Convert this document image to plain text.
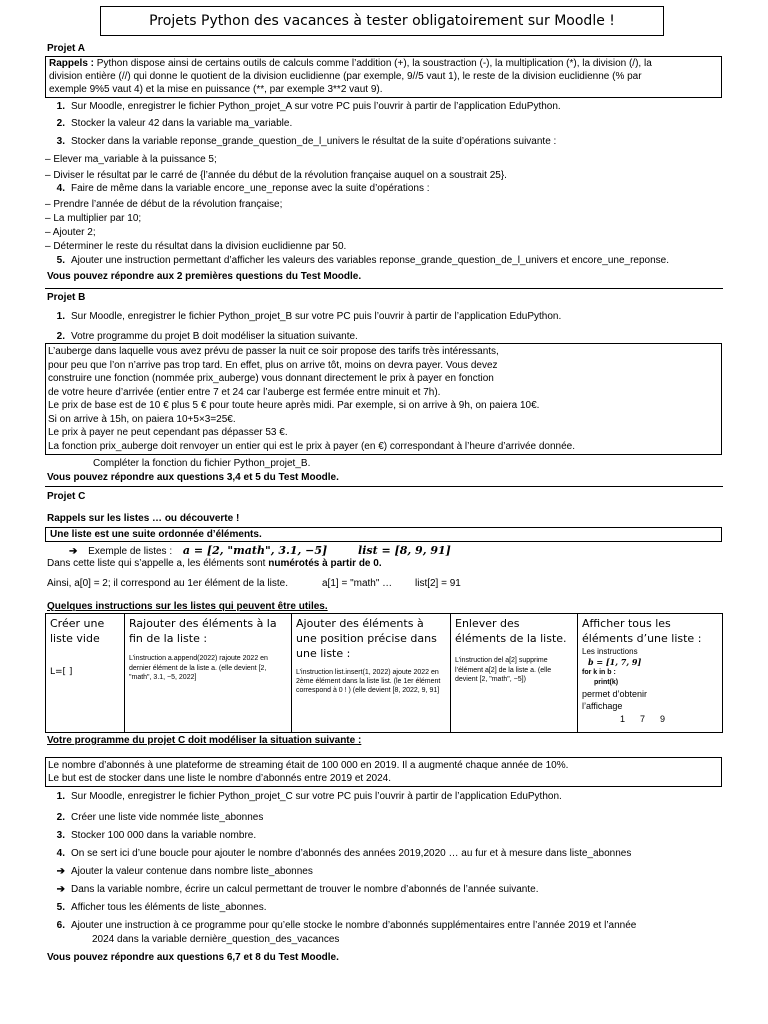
Projets Python des vacances à tester obligatoirement sur Moodle !
Projet A
Rappels : Python dispose ainsi de certains outils de calculs comme l’addition (+), la soustraction (-), la multiplication (*), la division (/), la
division entière (//) qui donne le quotient de la division euclidienne (par exemple, 9//5 vaut 1), le reste de la division euclidienne (% par
exemple 9%5 vaut 4) et la mise en puissance (**, par exemple 3**2 vaut 9).
1. Sur Moodle, enregistrer le fichier Python_projet_A sur votre PC puis l’ouvrir à partir de l’application EduPython.
2. Stocker la valeur 42 dans la variable ma_variable.
3. Stocker dans la variable reponse_grande_question_de_l_univers le résultat de la suite d’opérations suivante :
– Elever ma_variable à la puissance 5;
– Diviser le résultat par le carré de {l’année du début de la révolution française auquel on a soustrait 25}.
4. Faire de même dans la variable encore_une_reponse avec la suite d’opérations :
– Prendre l’année de début de la révolution française;
– La multiplier par 10;
– Ajouter 2;
– Déterminer le reste du résultat dans la division euclidienne par 50.
5. Ajouter une instruction permettant d’afficher les valeurs des variables reponse_grande_question_de_l_univers et encore_une_reponse.
Vous pouvez répondre aux 2 premières questions du Test Moodle.
Projet B
1. Sur Moodle, enregistrer le fichier Python_projet_B sur votre PC puis l’ouvrir à partir de l’application EduPython.
2. Votre programme du projet B doit modéliser la situation suivante.
L’auberge dans laquelle vous avez prévu de passer la nuit ce soir propose des tarifs très intéressants,
pour peu que l’on n’arrive pas trop tard. En effet, plus on arrive tôt, moins on devra payer. Vous devez
construire une fonction (nommée prix_auberge) vous donnant directement le prix à payer en fonction
de votre heure d’arrivée (entier entre 7 et 24 car l’auberge est fermée entre minuit et 7h).
Le prix de base est de 10 € plus 5 € pour toute heure après midi. Par exemple, si on arrive à 9h, on paiera 10€.
Si on arrive à 15h, on paiera 10+5×3=25€.
Le prix à payer ne peut cependant pas dépasser 53 €.
La fonction prix_auberge doit renvoyer un entier qui est le prix à payer (en €) correspondant à l’heure d’arrivée donnée.
Compléter la fonction du fichier Python_projet_B.
Vous pouvez répondre aux questions 3,4 et 5 du Test Moodle.
Projet C
Rappels sur les listes … ou découverte !
Une liste est une suite ordonnée d’éléments.
➔ Exemple de listes : a = [2, "math", 3.1, −5]	list = [8, 9, 91]
Dans cette liste qui s’appelle a, les éléments sont numérotés à partir de 0.
Ainsi, a[0] = 2; il correspond au 1er élément de la liste.	a[1] = "math" … list[2] = 91
Quelques instructions sur les listes qui peuvent être utiles.
Créer une liste vide
L=[ ]

Rajouter des éléments à la fin de la liste :
L’instruction a.append(2022) rajoute 2022 en dernier élément de la liste a. (elle devient [2, "math", 3.1, −5, 2022]

Ajouter des éléments à une position précise dans une liste :
L’instruction list.insert(1, 2022) ajoute 2022 en 2ème élément dans la liste list. (le 1er élément correspond à 0 ! ) (elle devient [8, 2022, 9, 91]

Enlever des éléments de la liste.
L’instruction del a[2] supprime l’élément a[2] de la liste a. (elle devient [2, "math", −5])

Afficher tous les éléments d’une liste :
Les instructions
b = [1, 7, 9]
for k in b :
print(k)
permet d’obtenir l’affichage
1      7      9
Votre programme du projet C doit modéliser la situation suivante :
Le nombre d’abonnés à une plateforme de streaming était de 100 000 en 2019. Il a augmenté chaque année de 10%.
Le but est de stocker dans une liste le nombre d’abonnés entre 2019 et 2024.
1. Sur Moodle, enregistrer le fichier Python_projet_C sur votre PC puis l’ouvrir à partir de l’application EduPython.
2. Créer une liste vide nommée liste_abonnes
3. Stocker 100 000 dans la variable nombre.
4. On se sert ici d’une boucle pour ajouter le nombre d’abonnés des années 2019,2020 … au fur et à mesure dans liste_abonnes
➔ Ajouter la valeur contenue dans nombre liste_abonnes
➔ Dans la variable nombre, écrire un calcul permettant de trouver le nombre d’abonnés de l’année suivante.
5. Afficher tous les éléments de liste_abonnes.
6. Ajouter une instruction à ce programme pour qu’elle stocke le nombre d’abonnés supplémentaires entre l’année 2019 et l’année
2024 dans la variable dernière_question_des_vacances
Vous pouvez répondre aux questions 6,7 et 8 du Test Moodle.
